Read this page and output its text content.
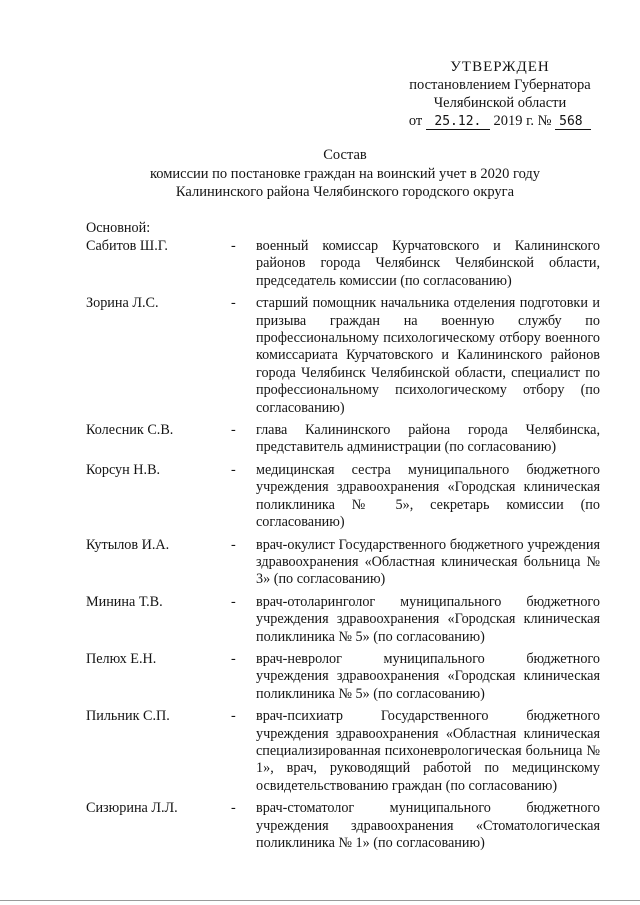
УТВЕРЖДЕН
постановлением Губернатора
Челябинской области
от 25.12. 2019 г. № 568
Состав
комиссии по постановке граждан на воинский учет в 2020 году
Калининского района Челябинского городского округа
Основной:
Сабитов Ш.Г.	-	военный комиссар Курчатовского и Калининского районов города Челябинск Челябинской области, председатель комиссии (по согласованию)
Зорина Л.С.	-	старший помощник начальника отделения подготовки и призыва граждан на военную службу по профессиональному психологическому отбору военного комиссариата Курчатовского и Калининского районов города Челябинск Челябинской области, специалист по профессиональному психологическому отбору (по согласованию)
Колесник С.В.	-	глава Калининского района города Челябинска, представитель администрации (по согласованию)
Корсун Н.В.	-	медицинская сестра муниципального бюджетного учреждения здравоохранения «Городская клиническая поликлиника № 5», секретарь комиссии (по согласованию)
Кутылов И.А.	-	врач-окулист Государственного бюджетного учреждения здравоохранения «Областная клиническая больница № 3» (по согласованию)
Минина Т.В.	-	врач-отоларинголог муниципального бюджетного учреждения здравоохранения «Городская клиническая поликлиника № 5» (по согласованию)
Пелюх Е.Н.	-	врач-невролог муниципального бюджетного учреждения здравоохранения «Городская клиническая поликлиника № 5» (по согласованию)
Пильник С.П.	-	врач-психиатр Государственного бюджетного учреждения здравоохранения «Областная клиническая специализированная психоневрологическая больница № 1», врач, руководящий работой по медицинскому освидетельствованию граждан (по согласованию)
Сизюрина Л.Л.	-	врач-стоматолог муниципального бюджетного учреждения здравоохранения «Стоматологическая поликлиника № 1» (по согласованию)
